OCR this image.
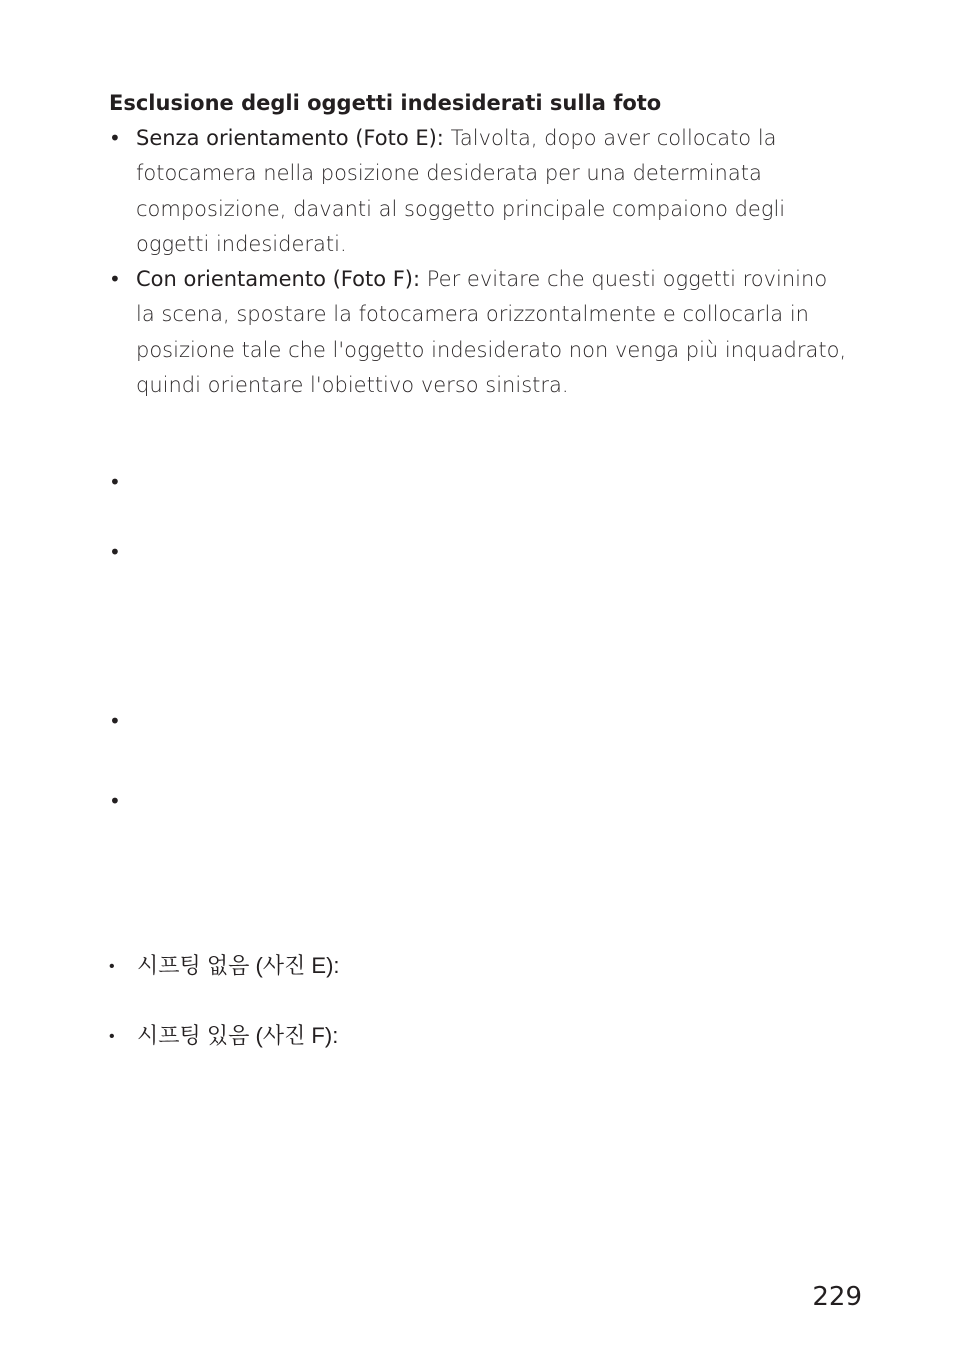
Esclusione degli oggetti indesiderati sulla foto
• Senza orientamento (Foto E): Talvolta, dopo aver collocato la fotocamera nella posizione desiderata per una determinata composizione, davanti al soggetto principale compaiono degli oggetti indesiderati.
• Con orientamento (Foto F): Per evitare che questi oggetti rovinino la scena, spostare la fotocamera orizzontalmente e collocarla in posizione tale che l'oggetto indesiderato non venga più inquadrato, quindi orientare l'obiettivo verso sinistra.
•
•
•
•
• 시프팅 없음 (사진 E):
• 시프팅 있음 (사진 F):
229
